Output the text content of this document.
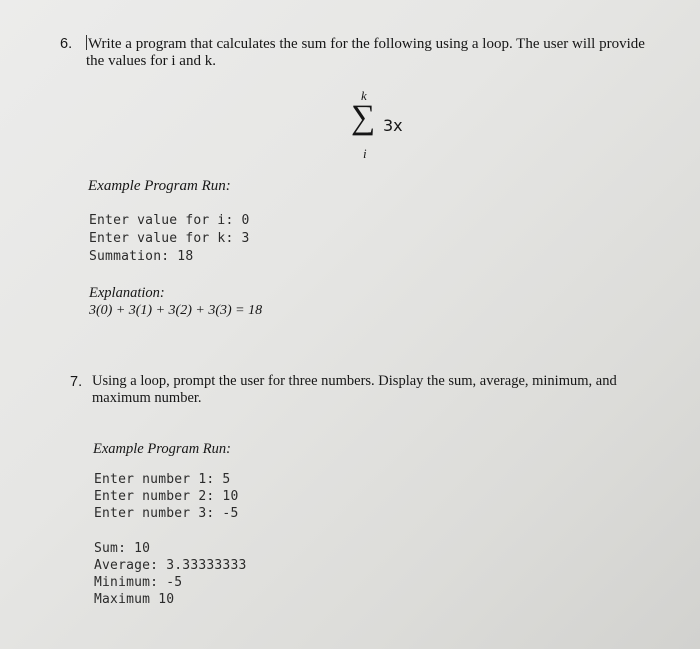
6. Write a program that calculates the sum for the following using a loop. The user will provide
the values for i and k.
k
∑ 3x
i
Example Program Run:
Enter value for i: 0
Enter value for k: 3
Summation: 18
Explanation:
3(0) + 3(1) + 3(2) + 3(3) = 18
7. Using a loop, prompt the user for three numbers. Display the sum, average, minimum, and
maximum number.
Example Program Run:
Enter number 1: 5
Enter number 2: 10
Enter number 3: -5
Sum: 10
Average: 3.33333333
Minimum: -5
Maximum 10
